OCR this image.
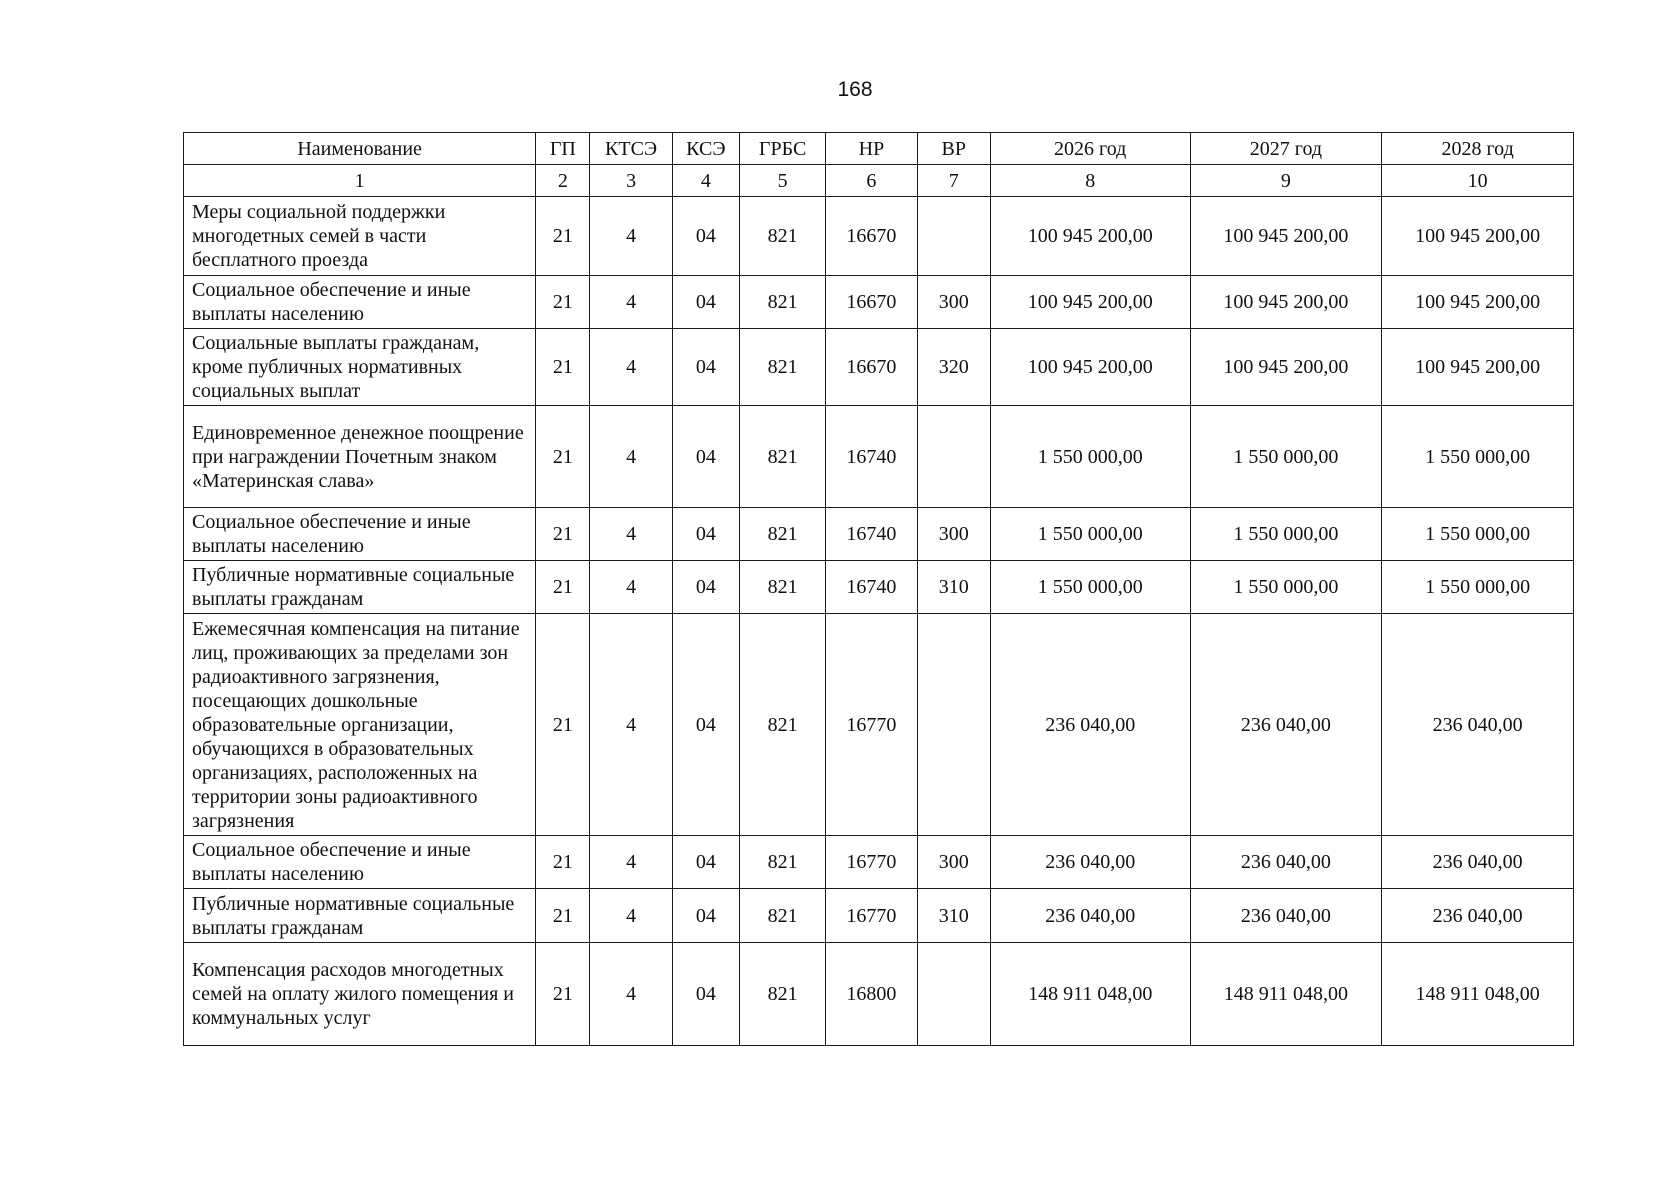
168
Наименование	ГП	КТСЭ	КСЭ	ГРБС	НР	ВР	2026 год	2027 год	2028 год
1	2	3	4	5	6	7	8	9	10
Меры социальной поддержки многодетных семей в части бесплатного проезда	21	4	04	821	16670		100 945 200,00	100 945 200,00	100 945 200,00
Социальное обеспечение и иные выплаты населению	21	4	04	821	16670	300	100 945 200,00	100 945 200,00	100 945 200,00
Социальные выплаты гражданам, кроме публичных нормативных социальных выплат	21	4	04	821	16670	320	100 945 200,00	100 945 200,00	100 945 200,00
Единовременное денежное поощрение при награждении Почетным знаком «Материнская слава»	21	4	04	821	16740		1 550 000,00	1 550 000,00	1 550 000,00
Социальное обеспечение и иные выплаты населению	21	4	04	821	16740	300	1 550 000,00	1 550 000,00	1 550 000,00
Публичные нормативные социальные выплаты гражданам	21	4	04	821	16740	310	1 550 000,00	1 550 000,00	1 550 000,00
Ежемесячная компенсация на питание лиц, проживающих за пределами зон радиоактивного загрязнения, посещающих дошкольные образовательные организации, обучающихся в образовательных организациях, расположенных на территории зоны радиоактивного загрязнения	21	4	04	821	16770		236 040,00	236 040,00	236 040,00
Социальное обеспечение и иные выплаты населению	21	4	04	821	16770	300	236 040,00	236 040,00	236 040,00
Публичные нормативные социальные выплаты гражданам	21	4	04	821	16770	310	236 040,00	236 040,00	236 040,00
Компенсация расходов многодетных семей на оплату жилого помещения и коммунальных услуг	21	4	04	821	16800		148 911 048,00	148 911 048,00	148 911 048,00
